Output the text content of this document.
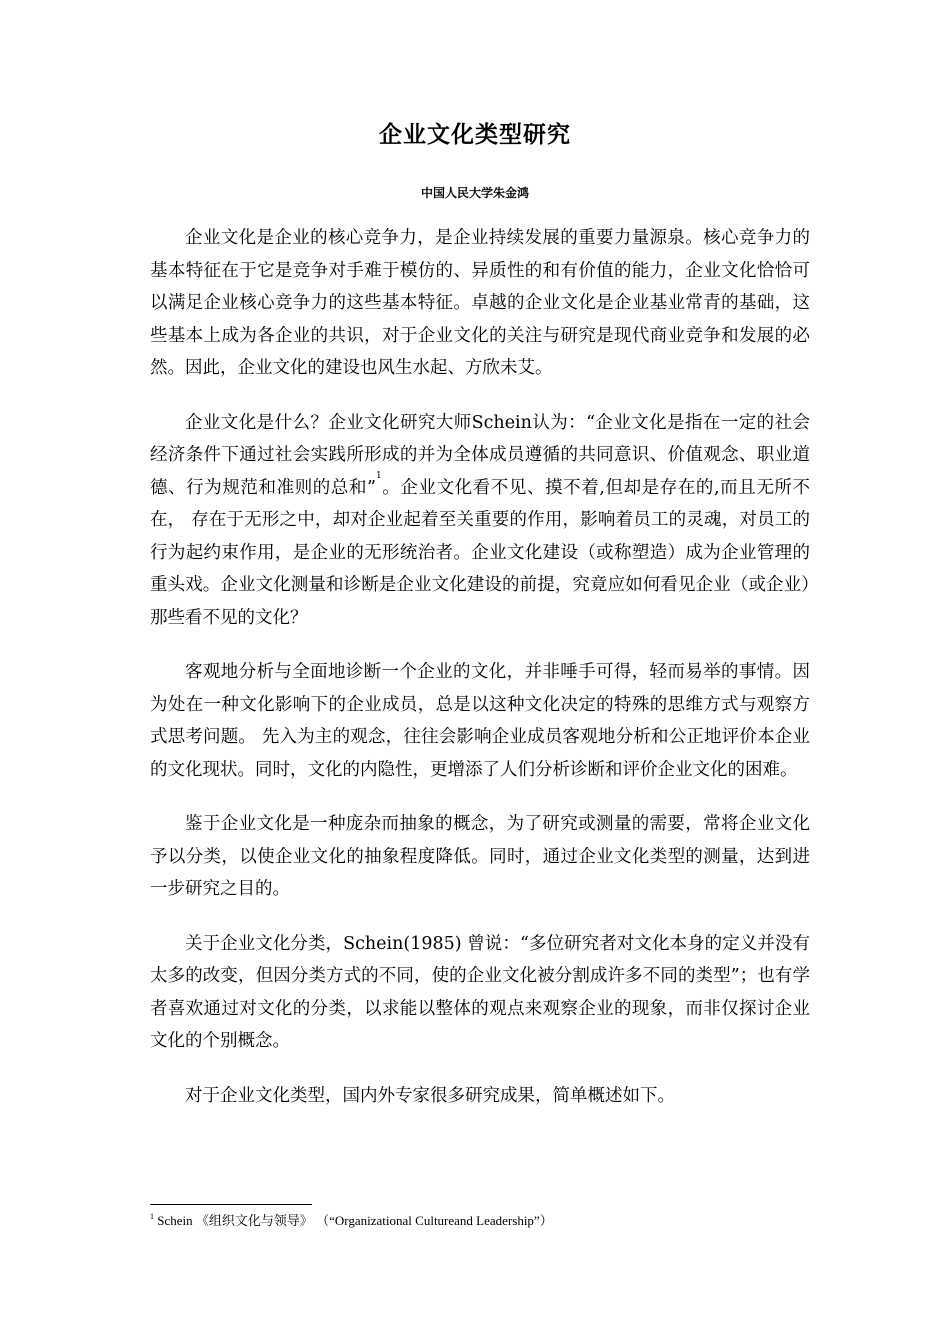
企业文化类型研究
中国人民大学朱金鸿

企业文化是企业的核心竞争力，是企业持续发展的重要力量源泉。核心竞争力的基本特征在于它是竞争对手难于模仿的、异质性的和有价值的能力，企业文化恰恰可以满足企业核心竞争力的这些基本特征。卓越的企业文化是企业基业常青的基础，这些基本上成为各企业的共识，对于企业文化的关注与研究是现代商业竞争和发展的必然。因此，企业文化的建设也风生水起、方欣未艾。

企业文化是什么？企业文化研究大师Schein认为：“企业文化是指在一定的社会经济条件下通过社会实践所形成的并为全体成员遵循的共同意识、价值观念、职业道德、行为规范和准则的总和”$^1$。企业文化看不见、摸不着,但却是存在的,而且无所不在， 存在于无形之中，却对企业起着至关重要的作用，影响着员工的灵魂，对员工的行为起约束作用，是企业的无形统治者。企业文化建设（或称塑造）成为企业管理的重头戏。企业文化测量和诊断是企业文化建设的前提，究竟应如何看见企业（或企业）那些看不见的文化？

客观地分析与全面地诊断一个企业的文化，并非唾手可得，轻而易举的事情。因为处在一种文化影响下的企业成员，总是以这种文化决定的特殊的思维方式与观察方式思考问题。 先入为主的观念，往往会影响企业成员客观地分析和公正地评价本企业的文化现状。同时，文化的内隐性，更增添了人们分析诊断和评价企业文化的困难。

鉴于企业文化是一种庞杂而抽象的概念，为了研究或测量的需要，常将企业文化予以分类，以使企业文化的抽象程度降低。同时，通过企业文化类型的测量，达到进一步研究之目的。

关于企业文化分类，Schein(1985) 曾说：“多位研究者对文化本身的定义并没有太多的改变，但因分类方式的不同，使的企业文化被分割成许多不同的类型”；也有学者喜欢通过对文化的分类，以求能以整体的观点来观察企业的现象，而非仅探讨企业文化的个别概念。

对于企业文化类型，国内外专家很多研究成果，简单概述如下。

$^1$ Schein 《组织文化与领导》 （“Organizational Cultureand Leadership”）
